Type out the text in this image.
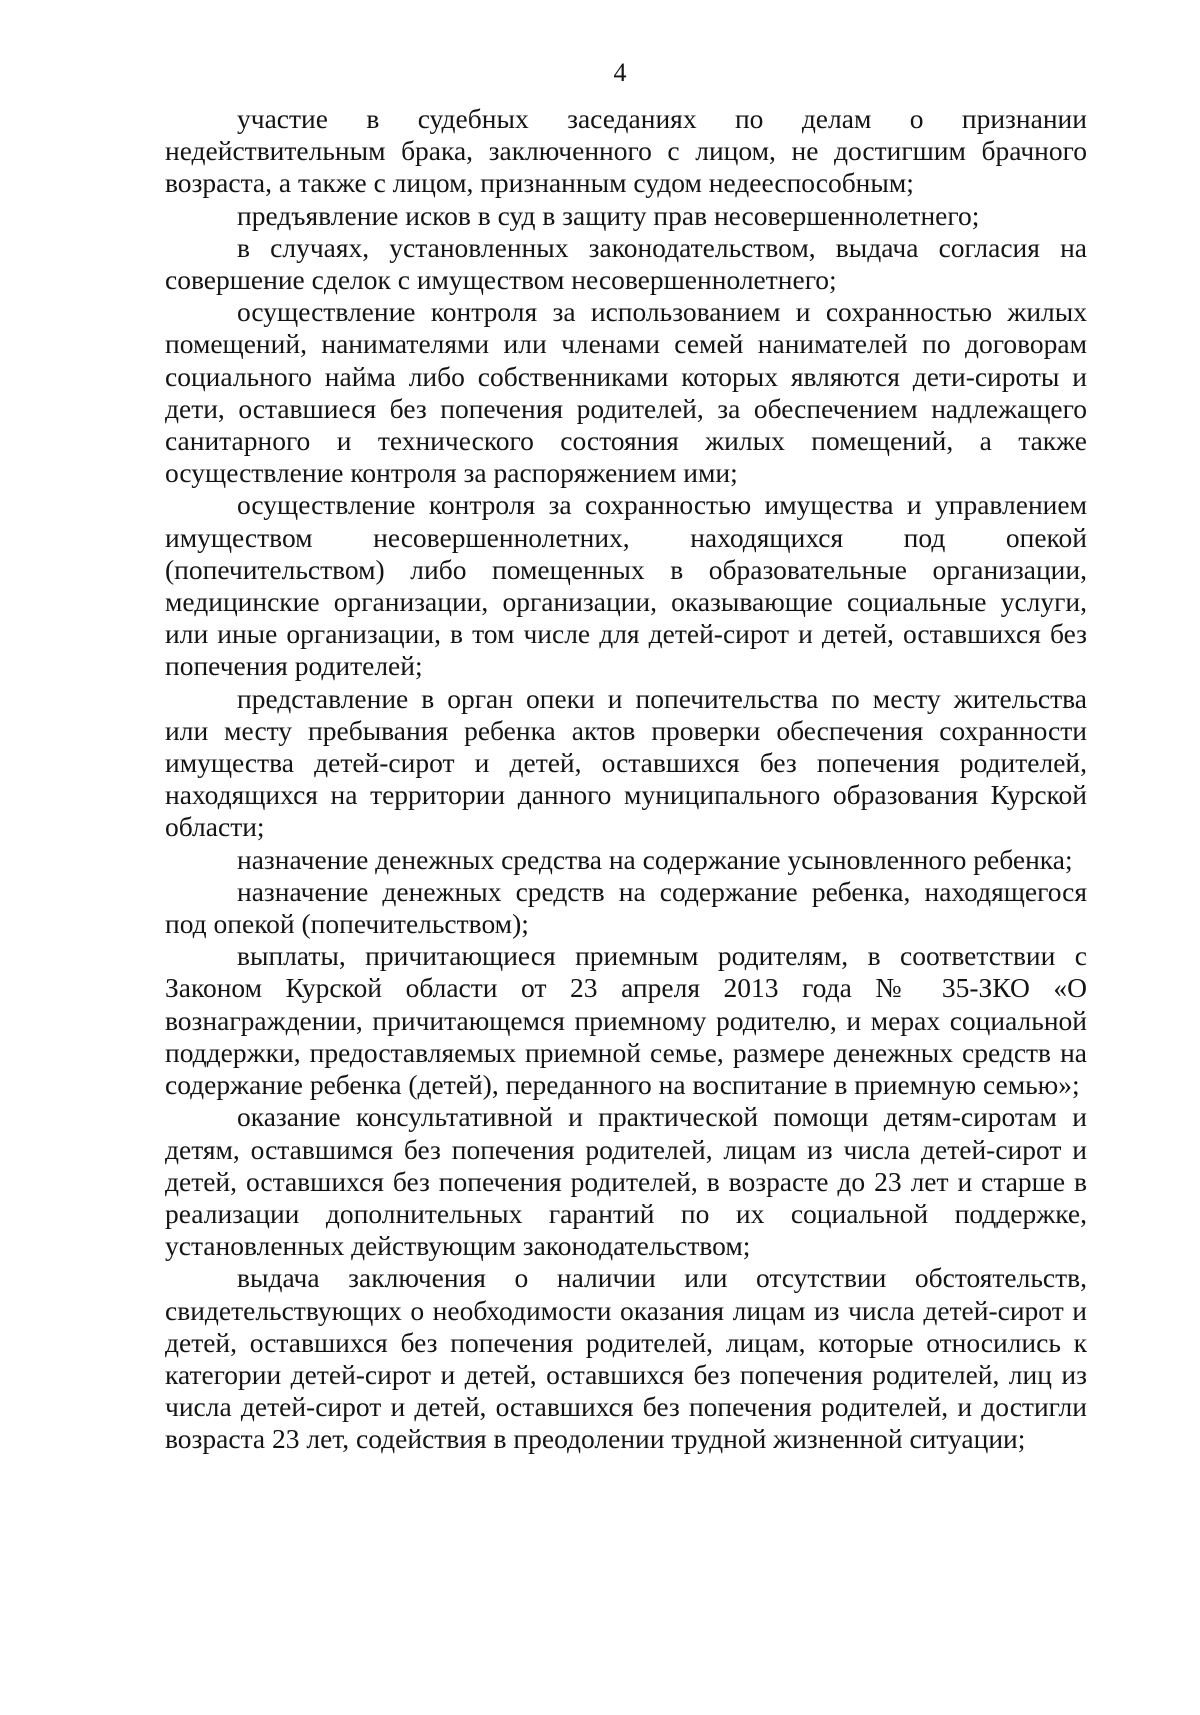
4

участие в судебных заседаниях по делам о признании недействительным брака, заключенного с лицом, не достигшим брачного возраста, а также с лицом, признанным судом недееспособным;

предъявление исков в суд в защиту прав несовершеннолетнего;

в случаях, установленных законодательством, выдача согласия на совершение сделок с имуществом несовершеннолетнего;

осуществление контроля за использованием и сохранностью жилых помещений, нанимателями или членами семей нанимателей по договорам социального найма либо собственниками которых являются дети-сироты и дети, оставшиеся без попечения родителей, за обеспечением надлежащего санитарного и технического состояния жилых помещений, а также осуществление контроля за распоряжением ими;

осуществление контроля за сохранностью имущества и управлением имуществом несовершеннолетних, находящихся под опекой (попечительством) либо помещенных в образовательные организации, медицинские организации, организации, оказывающие социальные услуги, или иные организации, в том числе для детей-сирот и детей, оставшихся без попечения родителей;

представление в орган опеки и попечительства по месту жительства или месту пребывания ребенка актов проверки обеспечения сохранности имущества детей-сирот и детей, оставшихся без попечения родителей, находящихся на территории данного муниципального образования Курской области;

назначение денежных средства на содержание усыновленного ребенка;

назначение денежных средств на содержание ребенка, находящегося под опекой (попечительством);

выплаты, причитающиеся приемным родителям, в соответствии с Законом Курской области от 23 апреля 2013 года № 35-ЗКО «О вознаграждении, причитающемся приемному родителю, и мерах социальной поддержки, предоставляемых приемной семье, размере денежных средств на содержание ребенка (детей), переданного на воспитание в приемную семью»;

оказание консультативной и практической помощи детям-сиротам и детям, оставшимся без попечения родителей, лицам из числа детей-сирот и детей, оставшихся без попечения родителей, в возрасте до 23 лет и старше в реализации дополнительных гарантий по их социальной поддержке, установленных действующим законодательством;

выдача заключения о наличии или отсутствии обстоятельств, свидетельствующих о необходимости оказания лицам из числа детей-сирот и детей, оставшихся без попечения родителей, лицам, которые относились к категории детей-сирот и детей, оставшихся без попечения родителей, лиц из числа детей-сирот и детей, оставшихся без попечения родителей, и достигли возраста 23 лет, содействия в преодолении трудной жизненной ситуации;
